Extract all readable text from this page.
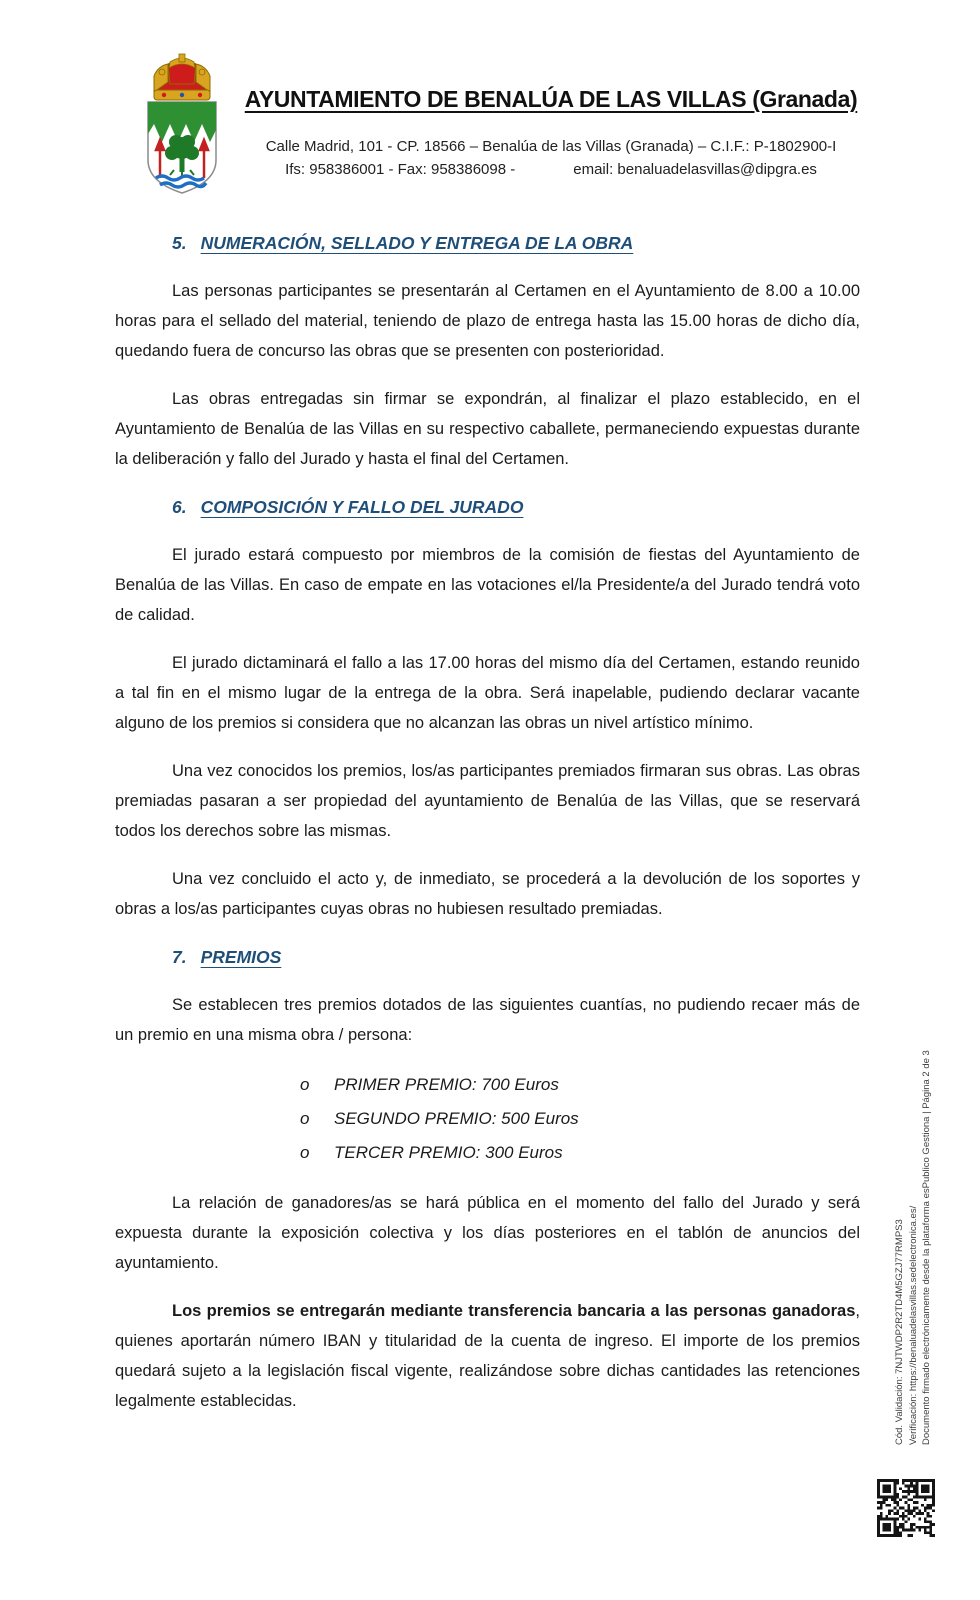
AYUNTAMIENTO DE BENALÚA DE LAS VILLAS (Granada)
Calle Madrid, 101 - CP. 18566 – Benalúa de las Villas (Granada) – C.I.F.: P-1802900-I
Ifs: 958386001 - Fax: 958386098 -	email: benaluadelasvillas@dipgra.es
5. NUMERACIÓN, SELLADO Y ENTREGA DE LA OBRA

Las personas participantes se presentarán al Certamen en el Ayuntamiento de 8.00 a 10.00 horas para el sellado del material, teniendo de plazo de entrega hasta las 15.00 horas de dicho día, quedando fuera de concurso las obras que se presenten con posterioridad.

Las obras entregadas sin firmar se expondrán, al finalizar el plazo establecido, en el Ayuntamiento de Benalúa de las Villas en su respectivo caballete, permaneciendo expuestas durante la deliberación y fallo del Jurado y hasta el final del Certamen.

6. COMPOSICIÓN Y FALLO DEL JURADO

El jurado estará compuesto por miembros de la comisión de fiestas del Ayuntamiento de Benalúa de las Villas. En caso de empate en las votaciones el/la Presidente/a del Jurado tendrá voto de calidad.

El jurado dictaminará el fallo a las 17.00 horas del mismo día del Certamen, estando reunido a tal fin en el mismo lugar de la entrega de la obra. Será inapelable, pudiendo declarar vacante alguno de los premios si considera que no alcanzan las obras un nivel artístico mínimo.

Una vez conocidos los premios, los/as participantes premiados firmaran sus obras. Las obras premiadas pasaran a ser propiedad del ayuntamiento de Benalúa de las Villas, que se reservará todos los derechos sobre las mismas.

Una vez concluido el acto y, de inmediato, se procederá a la devolución de los soportes y obras a los/as participantes cuyas obras no hubiesen resultado premiadas.

7. PREMIOS

Se establecen tres premios dotados de las siguientes cuantías, no pudiendo recaer más de un premio en una misma obra / persona:

o PRIMER PREMIO: 700 Euros
o SEGUNDO PREMIO: 500 Euros
o TERCER PREMIO: 300 Euros

La relación de ganadores/as se hará pública en el momento del fallo del Jurado y será expuesta durante la exposición colectiva y los días posteriores en el tablón de anuncios del ayuntamiento.

Los premios se entregarán mediante transferencia bancaria a las personas ganadoras, quienes aportarán número IBAN y titularidad de la cuenta de ingreso. El importe de los premios quedará sujeto a la legislación fiscal vigente, realizándose sobre dichas cantidades las retenciones legalmente establecidas.	Cód. Validación: 7NJTWDP2R2TD4M5GZJ77RMPS3 Verificación: https://benaluadelasvillas.sedelectronica.es/ Documento firmado electrónicamente desde la plataforma esPublico Gestiona | Página 2 de 3
